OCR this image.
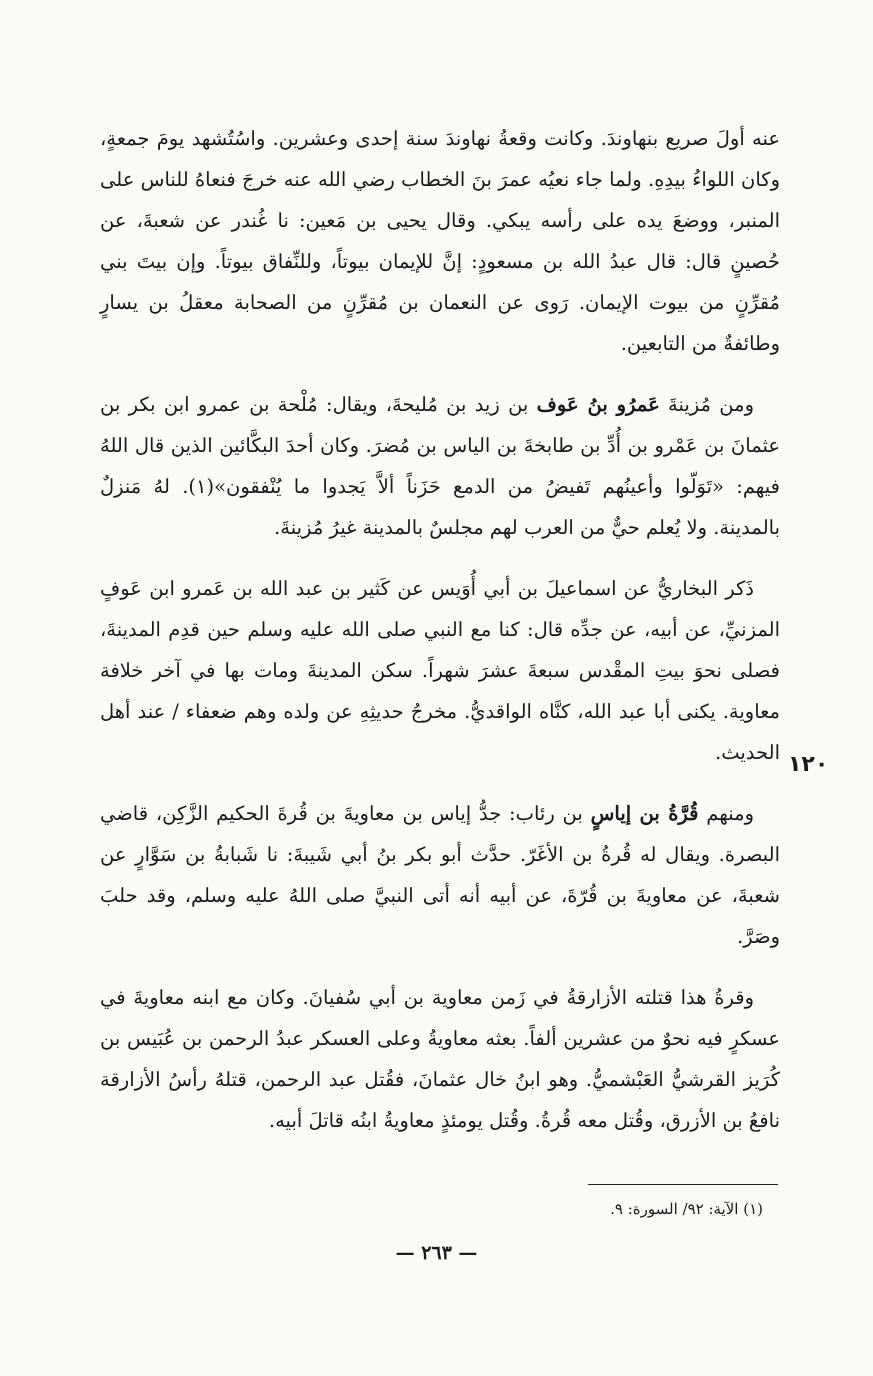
عنه أولَ صريع بنهاوندَ. وكانت وقعةُ نهاوندَ سنة إحدى وعشرين. واسُتُشهد يومَ جمعةٍ، وكان اللواءُ بيدِهِ. ولما جاء نعيُه عمرَ بنَ الخطاب رضي الله عنه خرجَ فنعاهُ للناس على المنبر، ووضعَ يده على رأسه يبكي. وقال يحيى بن مَعين: نا غُندر عن شعبةَ، عن حُصينٍ قال: قال عبدُ الله بن مسعودٍ: إنَّ للإيمان بيوتاً، وللنِّفاق بيوتاً. وإن بيتَ بني مُقرِّنٍ من بيوت الإيمان. رَوى عن النعمان بن مُقرِّنٍ من الصحابة معقلُ بن يسارٍ وطائفةٌ من التابعين.

ومن مُزينةَ عَمرُو بنُ عَوف بن زيد بن مُليحةَ، ويقال: مُلْحة بن عمرو ابن بكر بن عثمانَ بن عَمْرو بن أُدِّ بن طابخةَ بن الياس بن مُضرَ. وكان أحدَ البكَّائين الذين قال اللهُ فيهم: «تَوَلّوا وأعينُهم تَفيضُ من الدمع حَزَناً ألاَّ يَجدوا ما يُنْفقون»(١). لهُ مَنزلٌ بالمدينة. ولا يُعلم حيٌّ من العرب لهم مجلسٌ بالمدينة غيرُ مُزينةَ.

ذَكر البخاريُّ عن اسماعيلَ بن أبي أُوَيس عن كَثير بن عبد الله بن عَمرو ابن عَوفٍ المزنيِّ، عن أبيه، عن جدِّه قال: كنا مع النبي صلى الله عليه وسلم حين قدِم المدينةَ، فصلى نحوَ بيتِ المقْدس سبعةَ عشرَ شهراً. سكن المدينةَ ومات بها في آخر خلافة معاوية. يكنى أبا عبد الله، كنَّاه الواقديُّ. مخرجُ حديثِهِ عن ولده وهم ضعفاء / عند أهل الحديث.

ومنهم قُرَّةُ بن إياسٍ بن رئاب: جدُّ إياس بن معاويةَ بن قُرةَ الحكيم الزَّكِن، قاضي البصرة. ويقال له قُرةُ بن الأغَرّ. حدَّث أبو بكر بنُ أبي شَيبةَ: نا شَبابةُ بن سَوَّارٍ عن شعبةَ، عن معاويةَ بن قُرّةَ، عن أبيه أنه أتى النبيَّ صلى اللهُ عليه وسلم، وقد حلبَ وصَرَّ.

وقرةُ هذا قتلته الأزارقةُ في زَمن معاوية بن أبي سُفيانَ. وكان مع ابنه معاويةَ في عسكرٍ فيه نحوٌ من عشرين ألفاً. بعثه معاويةُ وعلى العسكر عبدُ الرحمن بن عُبَيس بن كُرَيز القرشيُّ العَبْشميُّ. وهو ابنُ خال عثمانَ، فقُتل عبد الرحمن، قتلهُ رأسُ الأزارقة نافعُ بن الأزرق، وقُتل معه قُرةُ. وقُتل يومئذٍ معاويةُ ابنُه قاتلَ أبيه.

١٢٠
(١) الآية: ٩٢/ السورة: ٩.
— ٢٦٣ —
